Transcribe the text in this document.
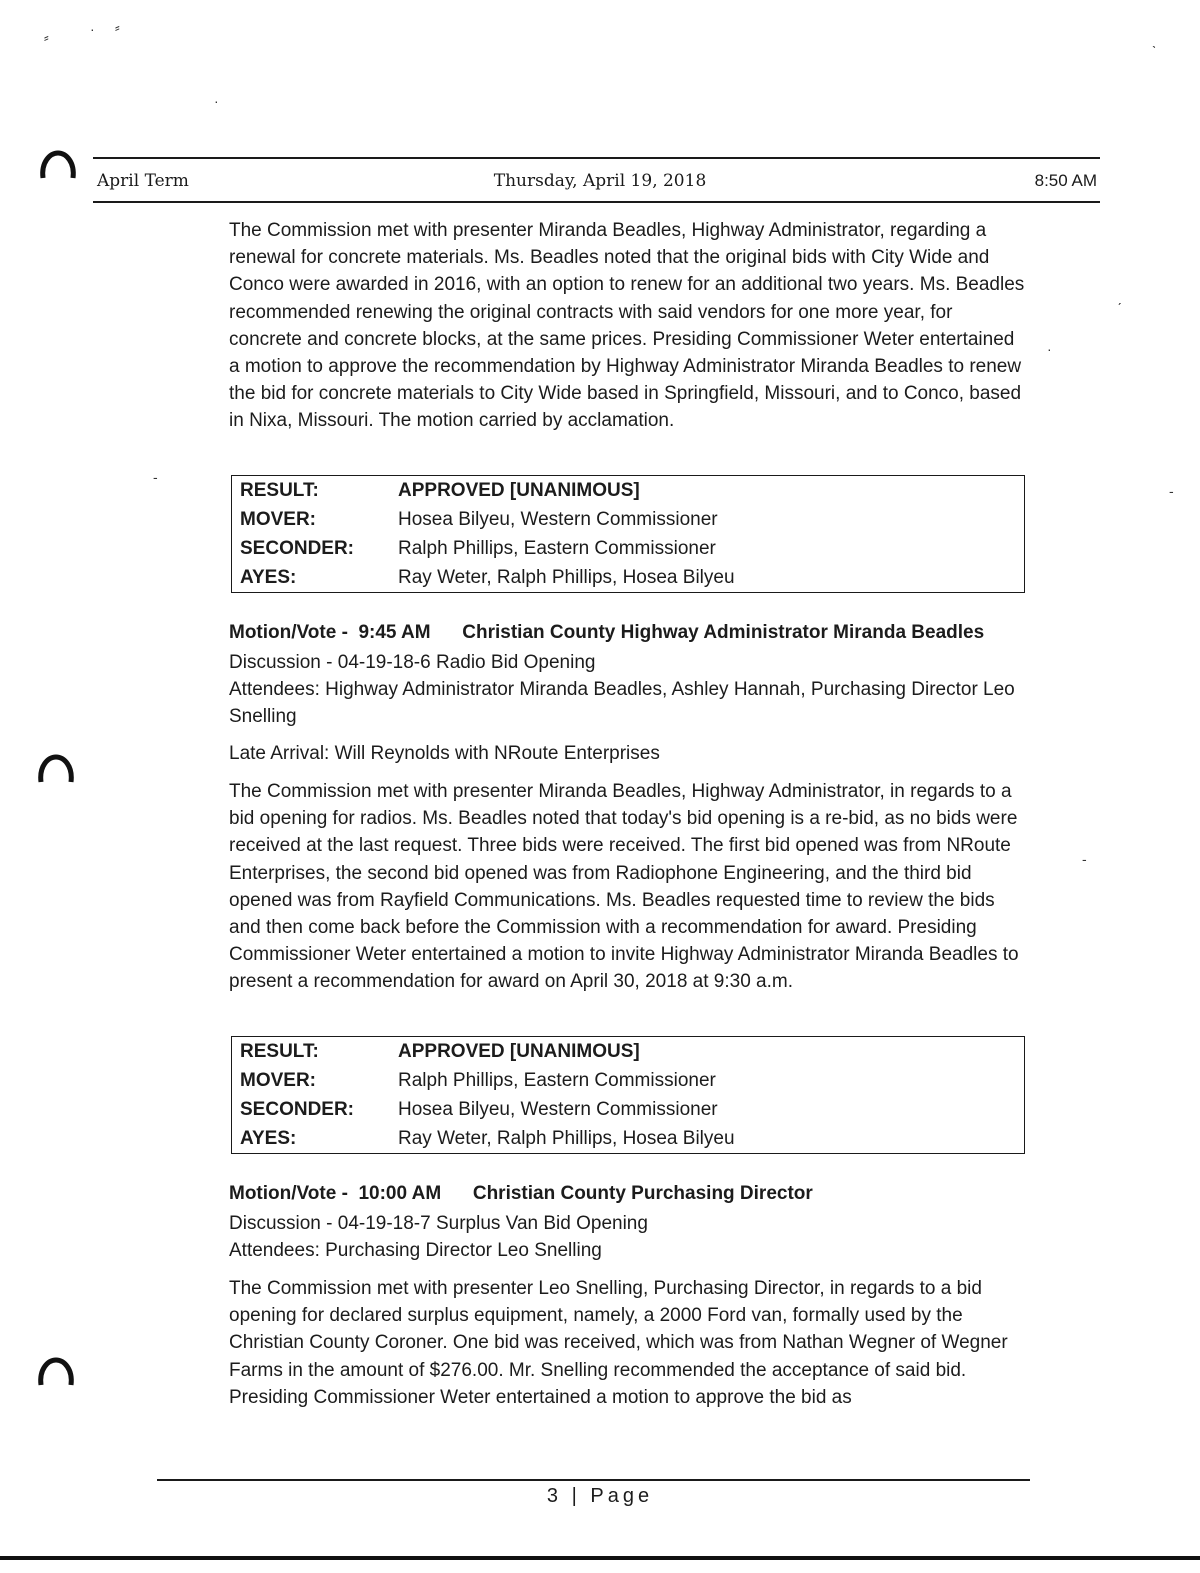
⸗	· ⸗
·
ˎ
ˏ
·
-
-
-
April Term	Thursday, April 19, 2018	8:50 AM
The Commission met with presenter Miranda Beadles, Highway Administrator, regarding a renewal for concrete materials. Ms. Beadles noted that the original bids with City Wide and Conco were awarded in 2016, with an option to renew for an additional two years. Ms. Beadles recommended renewing the original contracts with said vendors for one more year, for concrete and concrete blocks, at the same prices. Presiding Commissioner Weter entertained a motion to approve the recommendation by Highway Administrator Miranda Beadles to renew the bid for concrete materials to City Wide based in Springfield, Missouri, and to Conco, based in Nixa, Missouri. The motion carried by acclamation.
RESULT:	APPROVED [UNANIMOUS]
MOVER:	Hosea Bilyeu, Western Commissioner
SECONDER:	Ralph Phillips, Eastern Commissioner
AYES:	Ray Weter, Ralph Phillips, Hosea Bilyeu
Motion/Vote -  9:45 AM      Christian County Highway Administrator Miranda Beadles
Discussion - 04-19-18-6 Radio Bid Opening
Attendees: Highway Administrator Miranda Beadles, Ashley Hannah, Purchasing Director Leo Snelling
Late Arrival: Will Reynolds with NRoute Enterprises
The Commission met with presenter Miranda Beadles, Highway Administrator, in regards to a bid opening for radios. Ms. Beadles noted that today's bid opening is a re-bid, as no bids were received at the last request. Three bids were received. The first bid opened was from NRoute Enterprises, the second bid opened was from Radiophone Engineering, and the third bid opened was from Rayfield Communications. Ms. Beadles requested time to review the bids and then come back before the Commission with a recommendation for award. Presiding Commissioner Weter entertained a motion to invite Highway Administrator Miranda Beadles to present a recommendation for award on April 30, 2018 at 9:30 a.m.
RESULT:	APPROVED [UNANIMOUS]
MOVER:	Ralph Phillips, Eastern Commissioner
SECONDER:	Hosea Bilyeu, Western Commissioner
AYES:	Ray Weter, Ralph Phillips, Hosea Bilyeu
Motion/Vote -  10:00 AM      Christian County Purchasing Director
Discussion - 04-19-18-7 Surplus Van Bid Opening
Attendees: Purchasing Director Leo Snelling
The Commission met with presenter Leo Snelling, Purchasing Director, in regards to a bid opening for declared surplus equipment, namely, a 2000 Ford van, formally used by the Christian County Coroner. One bid was received, which was from Nathan Wegner of Wegner Farms in the amount of $276.00. Mr. Snelling recommended the acceptance of said bid. Presiding Commissioner Weter entertained a motion to approve the bid as
3 | Page
